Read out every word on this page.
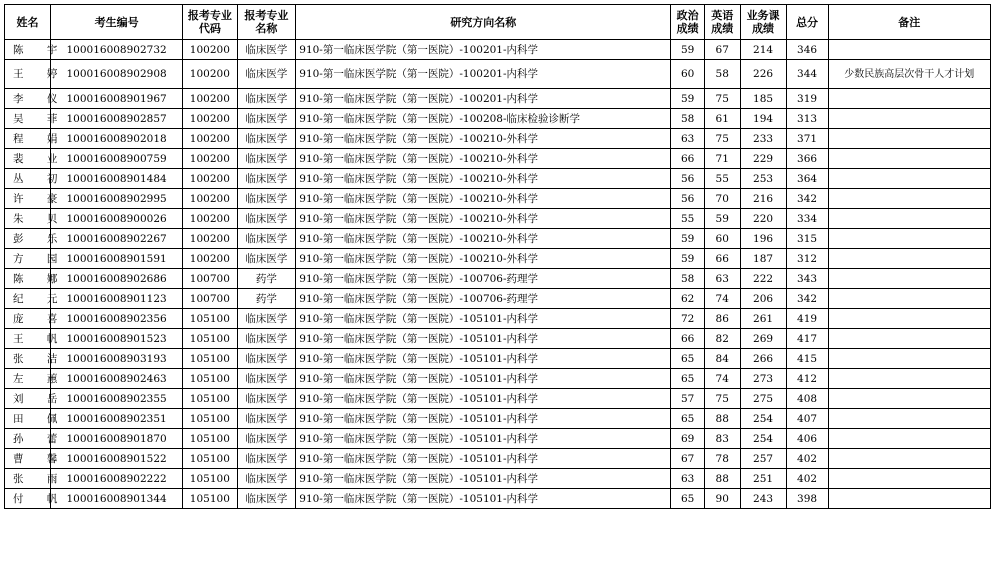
姓名	考生编号	报考专业代码	报考专业名称	研究方向名称	政治成绩	英语成绩	业务课成绩	总分	备注
陈 宇	100016008902732	100200	临床医学	910-第一临床医学院（第一医院）-100201-内科学	59	67	214	346	
王 婷	100016008902908	100200	临床医学	910-第一临床医学院（第一医院）-100201-内科学	60	58	226	344	少数民族高层次骨干人才计划
李 仪	100016008901967	100200	临床医学	910-第一临床医学院（第一医院）-100201-内科学	59	75	185	319	
吴 菲	100016008902857	100200	临床医学	910-第一临床医学院（第一医院）-100208-临床检验诊断学	58	61	194	313	
程 娟	100016008902018	100200	临床医学	910-第一临床医学院（第一医院）-100210-外科学	63	75	233	371	
裴 业	100016008900759	100200	临床医学	910-第一临床医学院（第一医院）-100210-外科学	66	71	229	366	
丛 初	100016008901484	100200	临床医学	910-第一临床医学院（第一医院）-100210-外科学	56	55	253	364	
许 豪	100016008902995	100200	临床医学	910-第一临床医学院（第一医院）-100210-外科学	56	70	216	342	
朱 贝	100016008900026	100200	临床医学	910-第一临床医学院（第一医院）-100210-外科学	55	59	220	334	
彭 乐	100016008902267	100200	临床医学	910-第一临床医学院（第一医院）-100210-外科学	59	60	196	315	
方 园	100016008901591	100200	临床医学	910-第一临床医学院（第一医院）-100210-外科学	59	66	187	312	
陈 娜	100016008902686	100700	药学	910-第一临床医学院（第一医院）-100706-药理学	58	63	222	343	
纪 元	100016008901123	100700	药学	910-第一临床医学院（第一医院）-100706-药理学	62	74	206	342	
庞 喜	100016008902356	105100	临床医学	910-第一临床医学院（第一医院）-105101-内科学	72	86	261	419	
王 帆	100016008901523	105100	临床医学	910-第一临床医学院（第一医院）-105101-内科学	66	82	269	417	
张 洁	100016008903193	105100	临床医学	910-第一临床医学院（第一医院）-105101-内科学	65	84	266	415	
左 蕙	100016008902463	105100	临床医学	910-第一临床医学院（第一医院）-105101-内科学	65	74	273	412	
刘 岳	100016008902355	105100	临床医学	910-第一临床医学院（第一医院）-105101-内科学	57	75	275	408	
田 佩	100016008902351	105100	临床医学	910-第一临床医学院（第一医院）-105101-内科学	65	88	254	407	
孙 蕾	100016008901870	105100	临床医学	910-第一临床医学院（第一医院）-105101-内科学	69	83	254	406	
曹 馨	100016008901522	105100	临床医学	910-第一临床医学院（第一医院）-105101-内科学	67	78	257	402	
张 雨	100016008902222	105100	临床医学	910-第一临床医学院（第一医院）-105101-内科学	63	88	251	402	
付 帆	100016008901344	105100	临床医学	910-第一临床医学院（第一医院）-105101-内科学	65	90	243	398	
